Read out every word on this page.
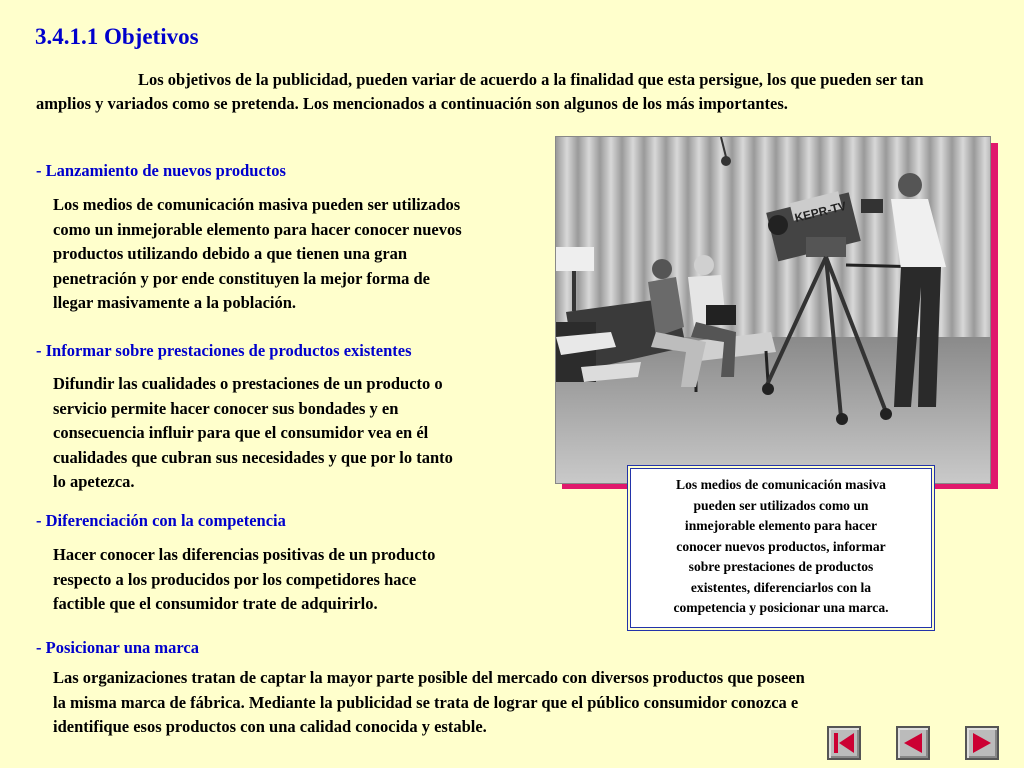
3.4.1.1 Objetivos

Los objetivos de la publicidad, pueden variar de acuerdo a la finalidad que esta persigue, los que pueden ser tan amplios y variados como se pretenda. Los mencionados a continuación son algunos de los más importantes.

- Lanzamiento de nuevos productos

Los medios de comunicación masiva pueden ser utilizados
como un inmejorable elemento para hacer conocer nuevos
productos utilizando debido a que tienen una gran
penetración y por ende constituyen la mejor forma de
llegar masivamente a la población.

- Informar sobre prestaciones de productos existentes

Difundir las cualidades o prestaciones de un producto o
servicio permite hacer conocer sus bondades y en
consecuencia influir para que el consumidor vea en él
cualidades que cubran sus necesidades y que por lo tanto
lo apetezca.

- Diferenciación con la competencia

Hacer conocer las diferencias positivas de un producto
respecto a los producidos por los competidores hace
factible que el consumidor trate de adquirirlo.

- Posicionar una marca

Las organizaciones tratan de captar la mayor parte posible del mercado con diversos productos que poseen
la misma marca de fábrica. Mediante la publicidad se trata de lograr que el público consumidor conozca e
identifique esos productos con una calidad conocida y estable.
KEPR-TV
Los medios de comunicación masiva
pueden ser utilizados como un
inmejorable elemento para hacer
conocer nuevos productos, informar
sobre prestaciones de productos
existentes, diferenciarlos con la
competencia y posicionar una marca.
